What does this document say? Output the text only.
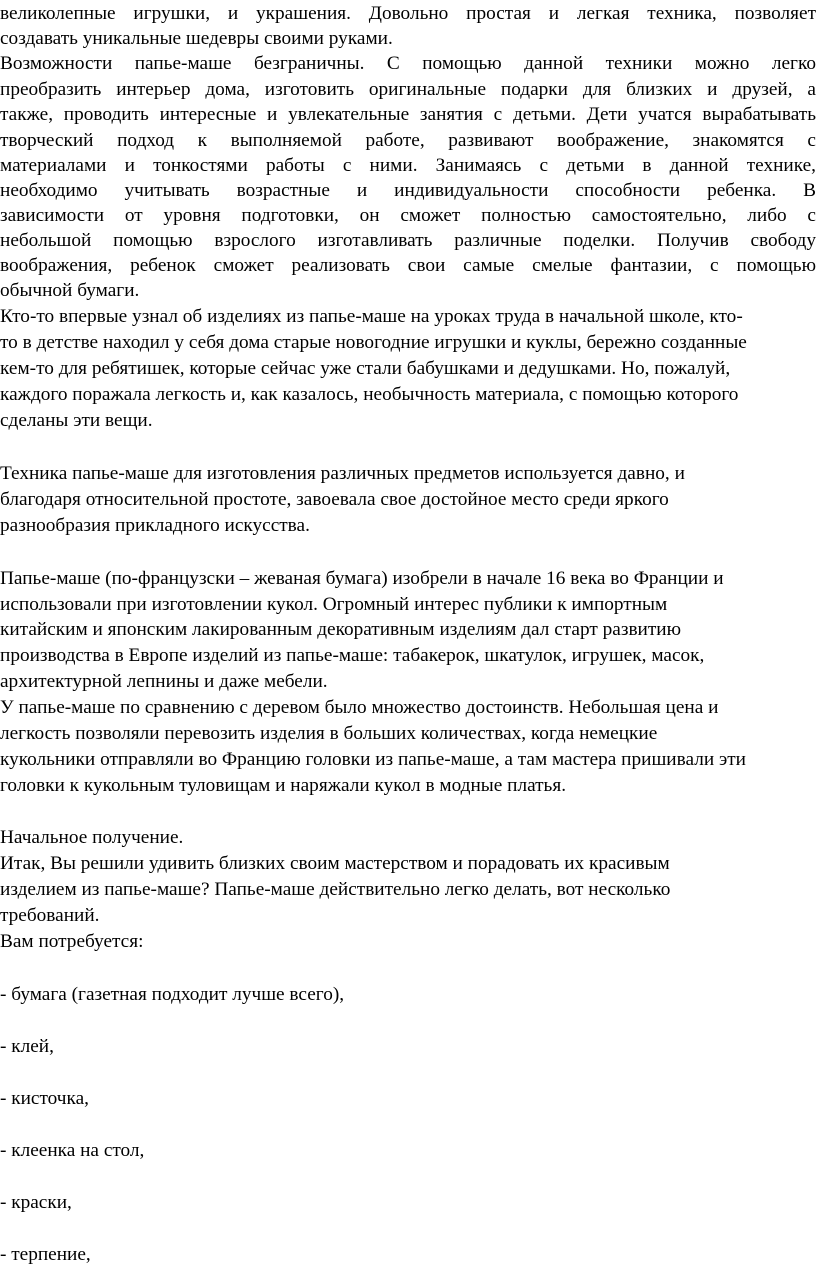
великолепные игрушки, и украшения. Довольно простая и легкая техника, позволяет
создавать уникальные шедевры своими руками.
Возможности папье-маше безграничны. С помощью данной техники можно легко
преобразить интерьер дома, изготовить оригинальные подарки для близких и друзей, а
также, проводить интересные и увлекательные занятия с детьми. Дети учатся вырабатывать
творческий подход к выполняемой работе, развивают воображение, знакомятся с
материалами и тонкостями работы с ними. Занимаясь с детьми в данной технике,
необходимо учитывать возрастные и индивидуальности способности ребенка. В
зависимости от уровня подготовки, он сможет полностью самостоятельно, либо с
небольшой помощью взрослого изготавливать различные поделки. Получив свободу
воображения, ребенок сможет реализовать свои самые смелые фантазии, с помощью
обычной бумаги.
Кто-то впервые узнал об изделиях из папье-маше на уроках труда в начальной школе, кто-
то в детстве находил у себя дома старые новогодние игрушки и куклы, бережно созданные
кем-то для ребятишек, которые сейчас уже стали бабушками и дедушками. Но, пожалуй,
каждого поражала легкость и, как казалось, необычность материала, с помощью которого
сделаны эти вещи.
Техника папье-маше для изготовления различных предметов используется давно, и
благодаря относительной простоте, завоевала свое достойное место среди яркого
разнообразия прикладного искусства.
Папье-маше (по-французски – жеваная бумага) изобрели в начале 16 века во Франции и
использовали при изготовлении кукол. Огромный интерес публики к импортным
китайским и японским лакированным декоративным изделиям дал старт развитию
производства в Европе изделий из папье-маше: табакерок, шкатулок, игрушек, масок,
архитектурной лепнины и даже мебели.
У папье-маше по сравнению с деревом было множество достоинств. Небольшая цена и
легкость позволяли перевозить изделия в больших количествах, когда немецкие
кукольники отправляли во Францию головки из папье-маше, а там мастера пришивали эти
головки к кукольным туловищам и наряжали кукол в модные платья.
Начальное получение.
Итак, Вы решили удивить близких своим мастерством и порадовать их красивым
изделием из папье-маше? Папье-маше действительно легко делать, вот несколько
требований.
Вам потребуется:
- бумага (газетная подходит лучше всего),
- клей,
- кисточка,
- клеенка на стол,
- краски,
- терпение,
